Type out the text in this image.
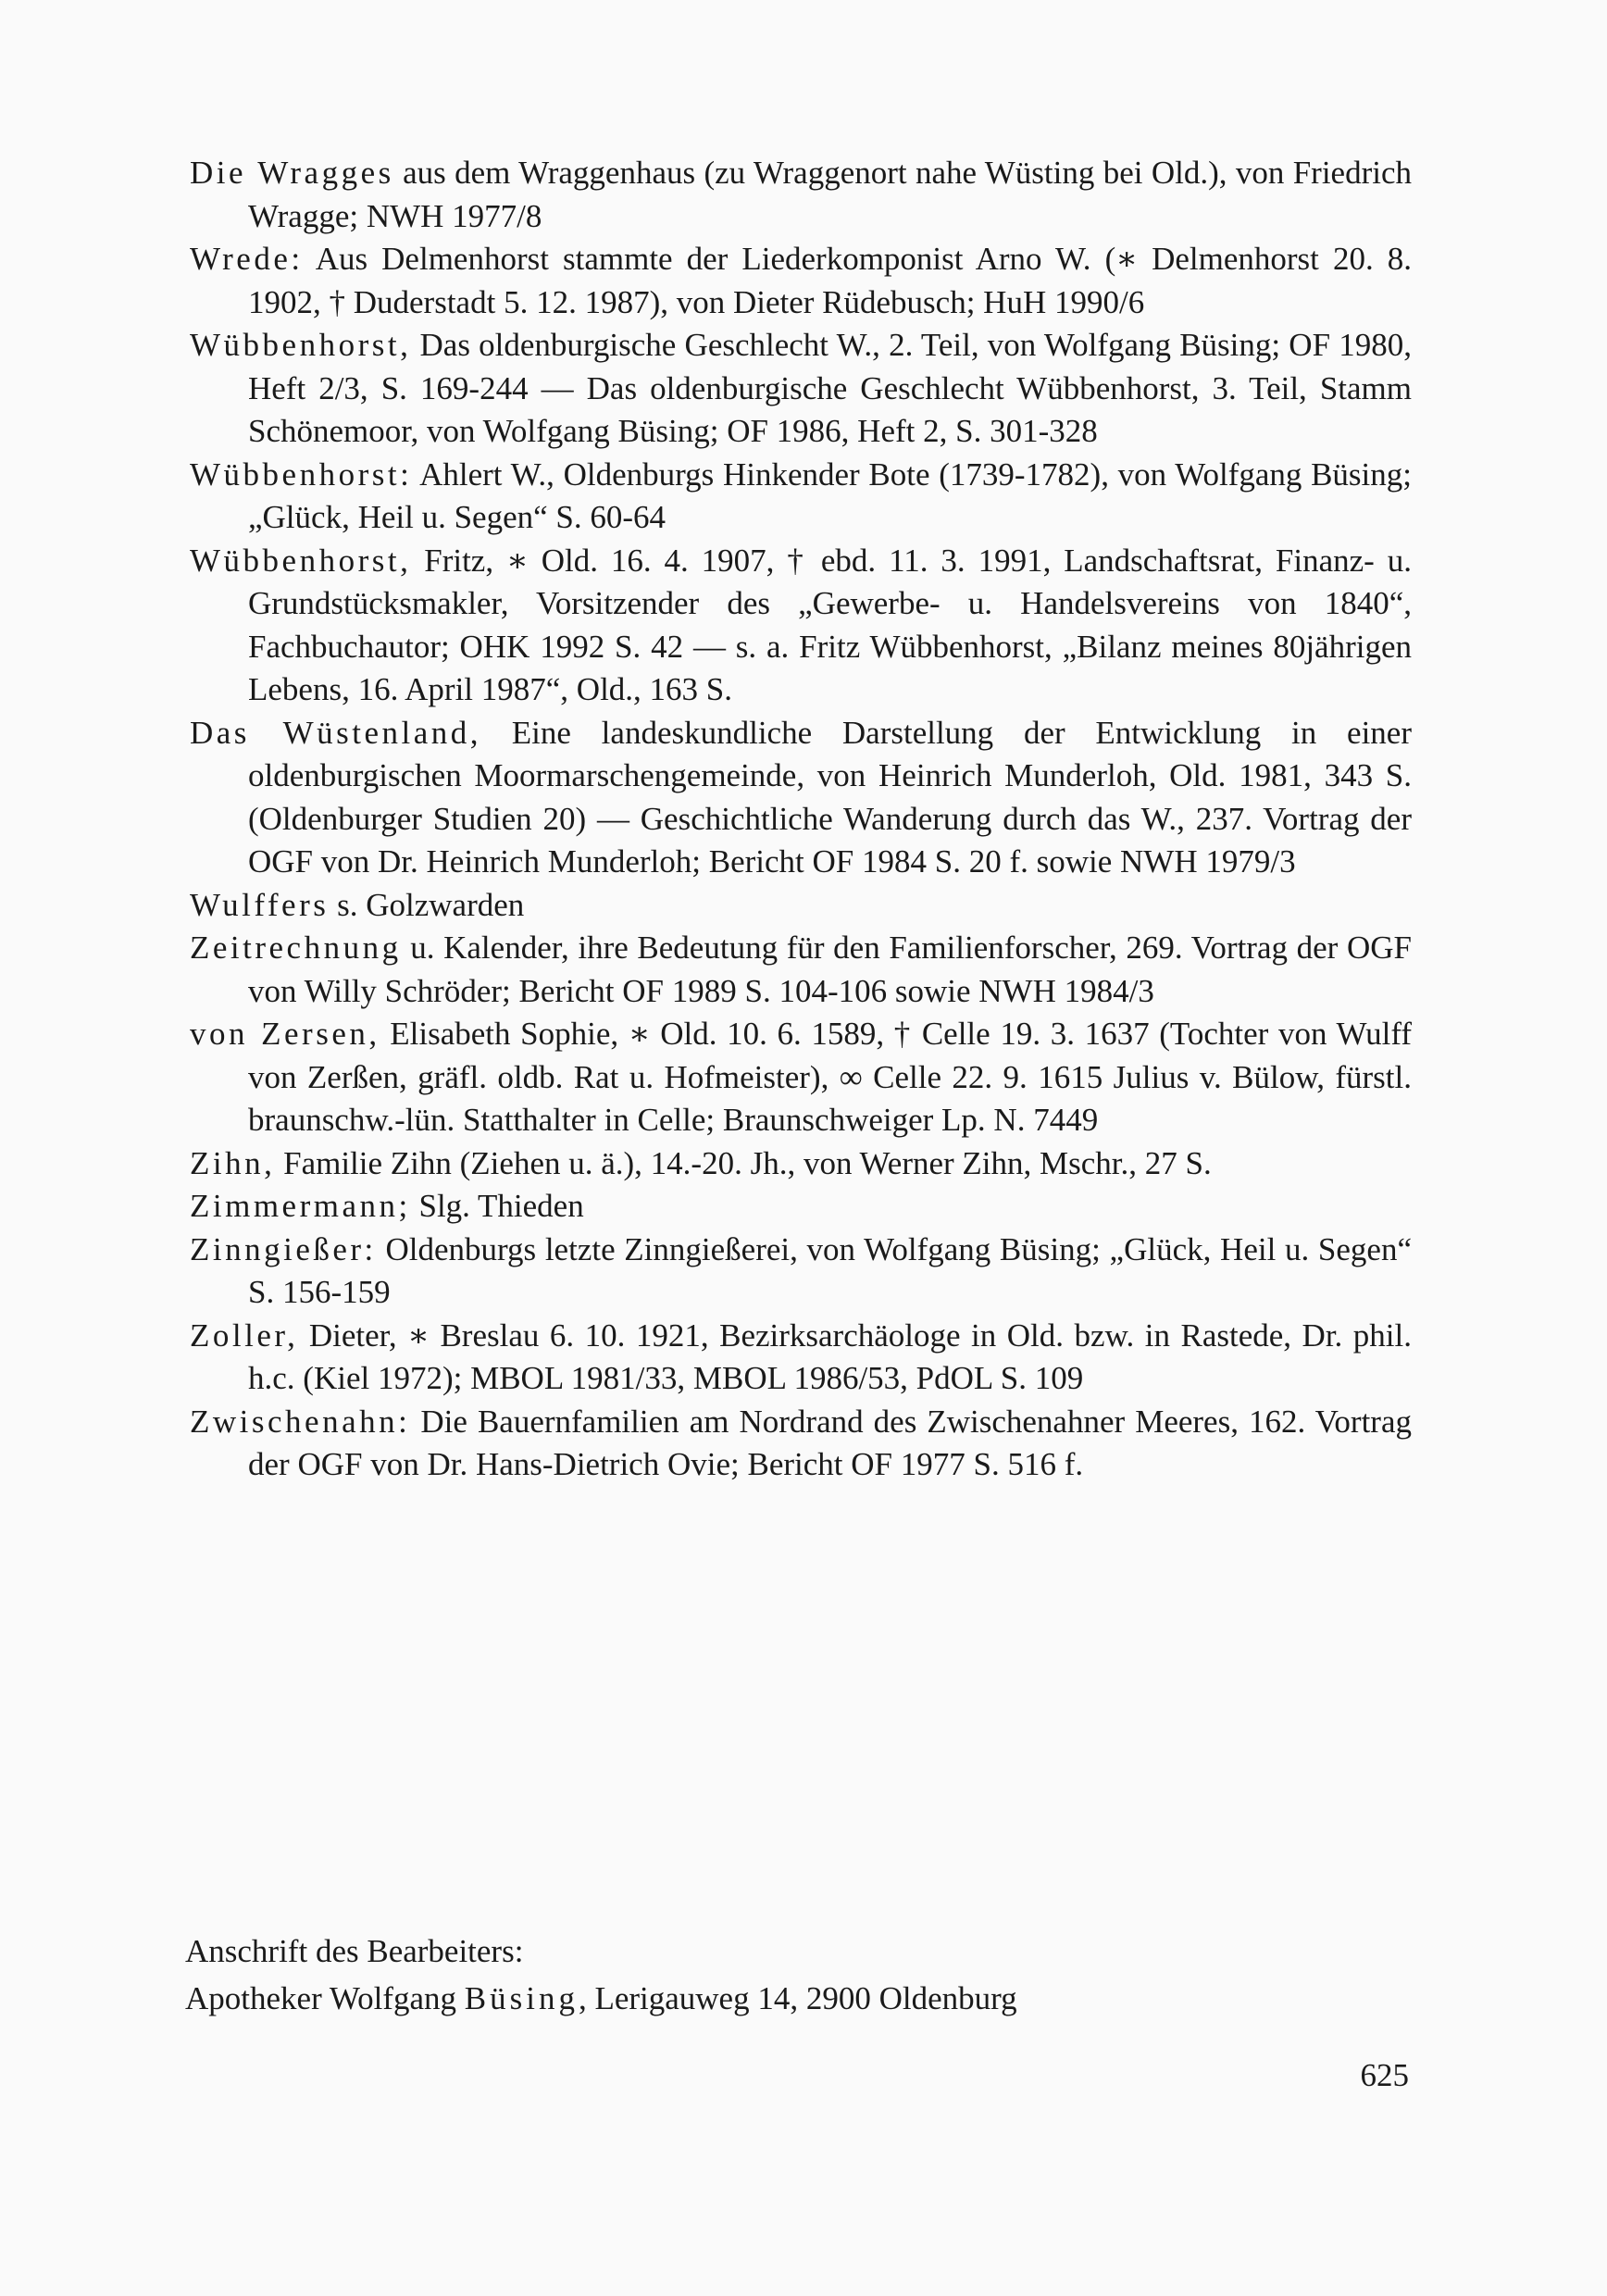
Die Wragges aus dem Wraggenhaus (zu Wraggenort nahe Wüsting bei Old.), von Friedrich Wragge; NWH 1977/8
Wrede: Aus Delmenhorst stammte der Liederkomponist Arno W. (∗ Delmenhorst 20. 8. 1902, † Duderstadt 5. 12. 1987), von Dieter Rüdebusch; HuH 1990/6
Wübbenhorst, Das oldenburgische Geschlecht W., 2. Teil, von Wolfgang Büsing; OF 1980, Heft 2/3, S. 169-244 — Das oldenburgische Geschlecht Wübbenhorst, 3. Teil, Stamm Schönemoor, von Wolfgang Büsing; OF 1986, Heft 2, S. 301-328
Wübbenhorst: Ahlert W., Oldenburgs Hinkender Bote (1739-1782), von Wolfgang Büsing; „Glück, Heil u. Segen“ S. 60-64
Wübbenhorst, Fritz, ∗ Old. 16. 4. 1907, † ebd. 11. 3. 1991, Landschaftsrat, Finanz- u. Grundstücksmakler, Vorsitzender des „Gewerbe- u. Handelsvereins von 1840“, Fachbuchautor; OHK 1992 S. 42 — s. a. Fritz Wübbenhorst, „Bilanz meines 80jährigen Lebens, 16. April 1987“, Old., 163 S.
Das Wüstenland, Eine landeskundliche Darstellung der Entwicklung in einer oldenburgischen Moormarschengemeinde, von Heinrich Munderloh, Old. 1981, 343 S. (Oldenburger Studien 20) — Geschichtliche Wanderung durch das W., 237. Vortrag der OGF von Dr. Heinrich Munderloh; Bericht OF 1984 S. 20 f. sowie NWH 1979/3
Wulffers s. Golzwarden
Zeitrechnung u. Kalender, ihre Bedeutung für den Familienforscher, 269. Vortrag der OGF von Willy Schröder; Bericht OF 1989 S. 104-106 sowie NWH 1984/3
von Zersen, Elisabeth Sophie, ∗ Old. 10. 6. 1589, † Celle 19. 3. 1637 (Tochter von Wulff von Zerßen, gräfl. oldb. Rat u. Hofmeister), ∞ Celle 22. 9. 1615 Julius v. Bülow, fürstl. braunschw.-lün. Statthalter in Celle; Braunschweiger Lp. N. 7449
Zihn, Familie Zihn (Ziehen u. ä.), 14.-20. Jh., von Werner Zihn, Mschr., 27 S.
Zimmermann; Slg. Thieden
Zinngießer: Oldenburgs letzte Zinngießerei, von Wolfgang Büsing; „Glück, Heil u. Segen“ S. 156-159
Zoller, Dieter, ∗ Breslau 6. 10. 1921, Bezirksarchäologe in Old. bzw. in Rastede, Dr. phil. h.c. (Kiel 1972); MBOL 1981/33, MBOL 1986/53, PdOL S. 109
Zwischenahn: Die Bauernfamilien am Nordrand des Zwischenahner Meeres, 162. Vortrag der OGF von Dr. Hans-Dietrich Ovie; Bericht OF 1977 S. 516 f.
Anschrift des Bearbeiters:
Apotheker Wolfgang Büsing, Lerigauweg 14, 2900 Oldenburg
625
